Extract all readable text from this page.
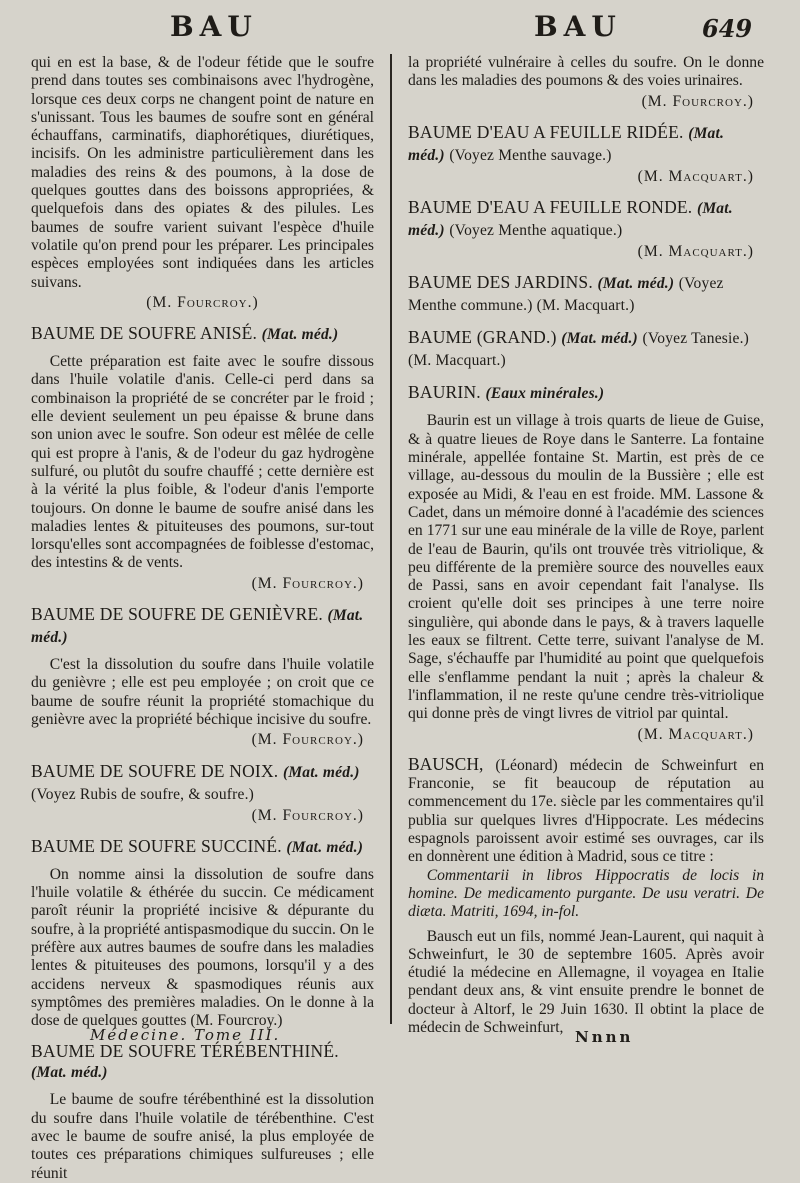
BAU	BAU	649

qui en est la base, & de l'odeur fétide que le soufre prend dans toutes ses combinaisons avec l'hydrogène, lorsque ces deux corps ne changent point de nature en s'unissant. Tous les baumes de soufre sont en général échauffans, carminatifs, diaphorétiques, diurétiques, incisifs. On les administre particulièrement dans les maladies des reins & des poumons, à la dose de quelques gouttes dans des boissons appropriées, & quelquefois dans des opiates & des pilules. Les baumes de soufre varient suivant l'espèce d'huile volatile qu'on prend pour les préparer. Les principales espèces employées sont indiquées dans les articles suivans.

(M. Fourcroy.)
BAUME DE SOUFRE ANISÉ. (Mat. méd.)

Cette préparation est faite avec le soufre dissous dans l'huile volatile d'anis. Celle-ci perd dans sa combinaison la propriété de se concréter par le froid ; elle devient seulement un peu épaisse & brune dans son union avec le soufre. Son odeur est mêlée de celle qui est propre à l'anis, & de l'odeur du gaz hydrogène sulfuré, ou plutôt du soufre chauffé ; cette dernière est à la vérité la plus foible, & l'odeur d'anis l'emporte toujours. On donne le baume de soufre anisé dans les maladies lentes & pituiteuses des poumons, sur-tout lorsqu'elles sont accompagnées de foiblesse d'estomac, des intestins & de vents.

(M. Fourcroy.)
BAUME DE SOUFRE DE GENIÈVRE. (Mat. méd.)

C'est la dissolution du soufre dans l'huile volatile du genièvre ; elle est peu employée ; on croit que ce baume de soufre réunit la propriété stomachique du genièvre avec la propriété béchique incisive du soufre.

(M. Fourcroy.)
BAUME DE SOUFRE DE NOIX. (Mat. méd.) (Voyez Rubis de soufre, & soufre.)
(M. Fourcroy.)
BAUME DE SOUFRE SUCCINÉ. (Mat. méd.)

On nomme ainsi la dissolution de soufre dans l'huile volatile & éthérée du succin. Ce médicament paroît réunir la propriété incisive & dépurante du soufre, à la propriété antispasmodique du succin. On le préfère aux autres baumes de soufre dans les maladies lentes & pituiteuses des poumons, lorsqu'il y a des accidens nerveux & spasmodiques réunis aux symptômes des premières maladies. On le donne à la dose de quelques gouttes (M. Fourcroy.)

BAUME DE SOUFRE TÉRÉBENTHINÉ. (Mat. méd.)

Le baume de soufre térébenthiné est la dissolution du soufre dans l'huile volatile de térébenthine. C'est avec le baume de soufre anisé, la plus employée de toutes ces préparations chimiques sulfureuses ; elle réunit

la propriété vulnéraire à celles du soufre. On le donne dans les maladies des poumons & des voies urinaires.

(M. Fourcroy.)
BAUME D'EAU A FEUILLE RIDÉE. (Mat. méd.) (Voyez Menthe sauvage.)
(M. Macquart.)
BAUME D'EAU A FEUILLE RONDE. (Mat. méd.) (Voyez Menthe aquatique.)
(M. Macquart.)
BAUME DES JARDINS. (Mat. méd.) (Voyez Menthe commune.) (M. Macquart.)
BAUME (GRAND.) (Mat. méd.) (Voyez Tanesie.) (M. Macquart.)
BAURIN. (Eaux minérales.)

Baurin est un village à trois quarts de lieue de Guise, & à quatre lieues de Roye dans le Santerre. La fontaine minérale, appellée fontaine St. Martin, est près de ce village, au-dessous du moulin de la Bussière ; elle est exposée au Midi, & l'eau en est froide. MM. Lassone & Cadet, dans un mémoire donné à l'académie des sciences en 1771 sur une eau minérale de la ville de Roye, parlent de l'eau de Baurin, qu'ils ont trouvée très vitriolique, & peu différente de la première source des nouvelles eaux de Passi, sans en avoir cependant fait l'analyse. Ils croient qu'elle doit ses principes à une terre noire singulière, qui abonde dans le pays, & à travers laquelle les eaux se filtrent. Cette terre, suivant l'analyse de M. Sage, s'échauffe par l'humidité au point que quelquefois elle s'enflamme pendant la nuit ; après la chaleur & l'inflammation, il ne reste qu'une cendre très-vitriolique qui donne près de vingt livres de vitriol par quintal.

(M. Macquart.)

BAUSCH, (Léonard) médecin de Schweinfurt en Franconie, se fit beaucoup de réputation au commencement du 17e. siècle par les commentaires qu'il publia sur quelques livres d'Hippocrate. Les médecins espagnols paroissent avoir estimé ses ouvrages, car ils en donnèrent une édition à Madrid, sous ce titre :

Commentarii in libros Hippocratis de locis in homine. De medicamento purgante. De usu veratri. De diæta. Matriti, 1694, in-fol.

Bausch eut un fils, nommé Jean-Laurent, qui naquit à Schweinfurt, le 30 de septembre 1605. Après avoir étudié la médecine en Allemagne, il voyagea en Italie pendant deux ans, & vint ensuite prendre le bonnet de docteur à Altorf, le 29 Juin 1630. Il obtint la place de médecin de Schweinfurt,

Médecine. Tome III.	Nnnn
